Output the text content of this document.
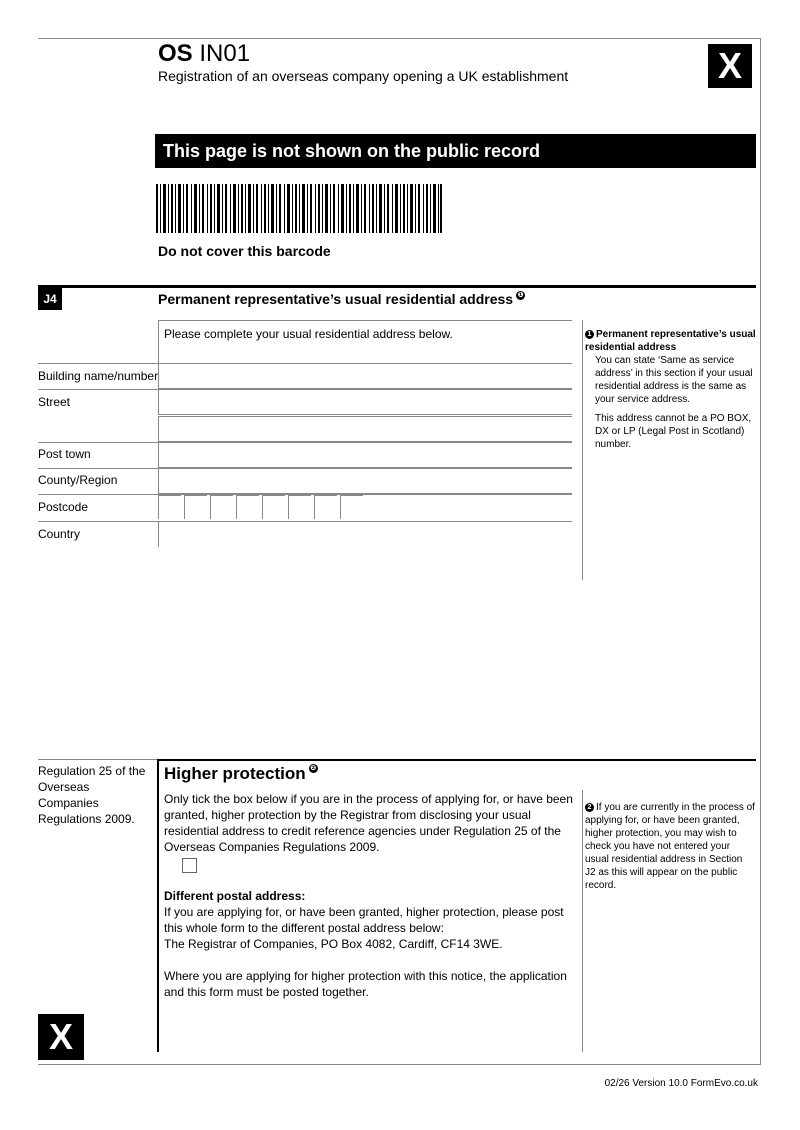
OS IN01
Registration of an overseas company opening a UK establishment	X
This page is not shown on the public record
Do not cover this barcode
J4	Permanent representative’s usual residential address ❶
Please complete your usual residential address below.
Building name/number
Street
Post town
County/Region
Postcode
Country
1 Permanent representative’s usual residential address
You can state ‘Same as service address’ in this section if your usual residential address is the same as your service address.
This address cannot be a PO BOX, DX or LP (Legal Post in Scotland) number.
Regulation 25 of the Overseas Companies Regulations 2009.
Higher protection ❷
Only tick the box below if you are in the process of applying for, or have been granted, higher protection by the Registrar from disclosing your usual residential address to credit reference agencies under Regulation 25 of the Overseas Companies Regulations 2009.
Different postal address:
If you are applying for, or have been granted, higher protection, please post this whole form to the different postal address below:
The Registrar of Companies, PO Box 4082, Cardiff, CF14 3WE.
Where you are applying for higher protection with this notice, the application and this form must be posted together.
2 If you are currently in the process of applying for, or have been granted, higher protection, you may wish to check you have not entered your usual residential address in Section J2 as this will appear on the public record.
X
02/26 Version 10.0 FormEvo.co.uk
